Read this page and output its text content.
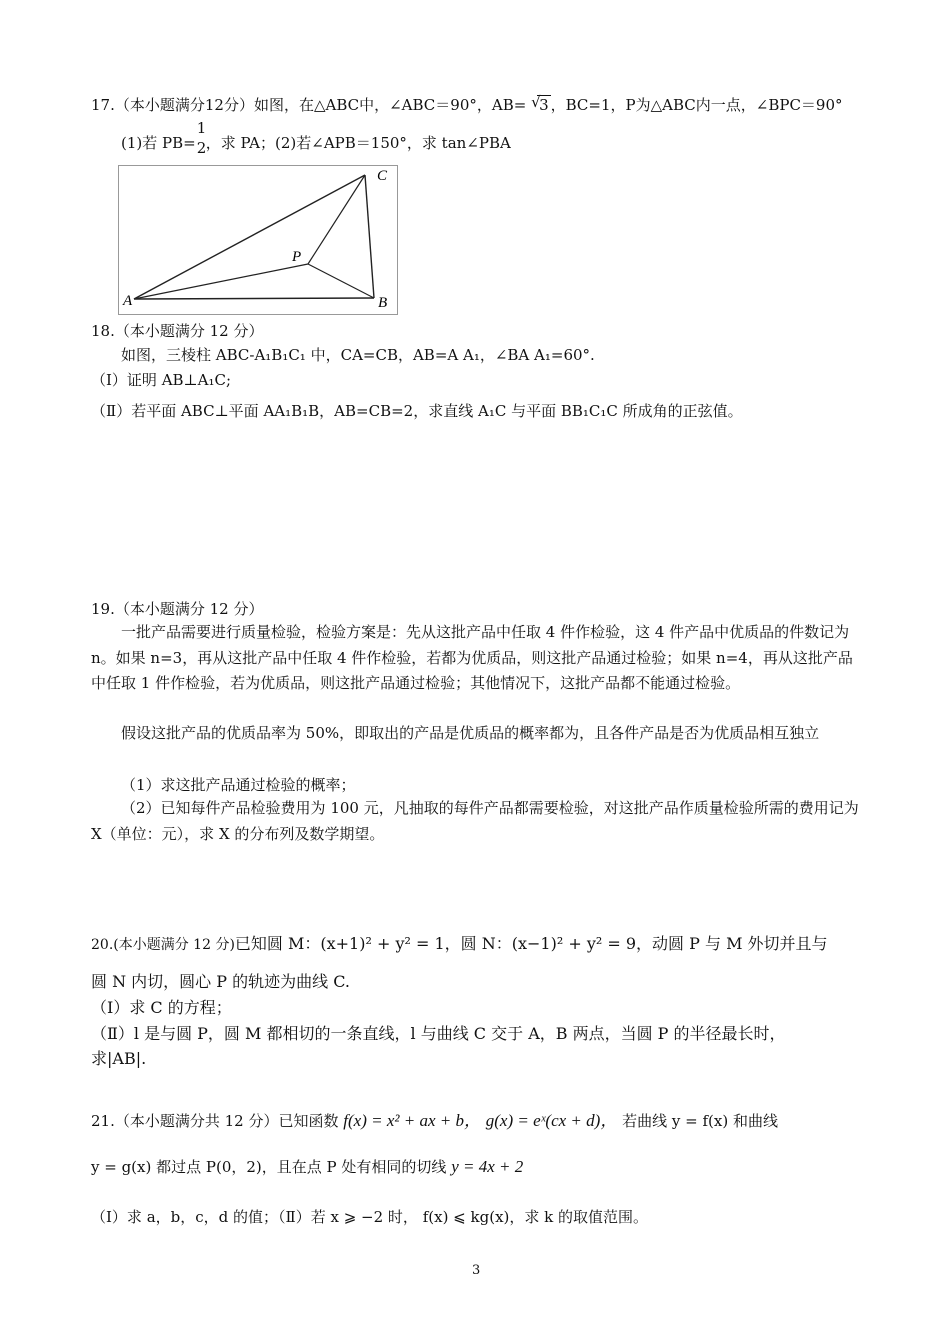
17.（本小题满分12分）如图，在△ABC中，∠ABC＝90°，AB= √
3 ，BC=1，P为△ABC内一点，∠BPC＝90°
(1)若 PB=
1
2 ，求 PA；(2)若∠APB＝150°，求 tan∠PBA
A	B
C
P
18.（本小题满分 12 分）
如图，三棱柱 ABC-A₁B₁C₁ 中，CA=CB，AB=A A₁，∠BA A₁=60°.
（Ⅰ）证明 AB⊥A₁C;
（Ⅱ）若平面 ABC⊥平面 AA₁B₁B，AB=CB=2，求直线 A₁C 与平面 BB₁C₁C 所成角的正弦值。
19.（本小题满分 12 分）
一批产品需要进行质量检验，检验方案是：先从这批产品中任取 4 件作检验，这 4 件产品中优质品的件数记为 n。如果 n=3，再从这批产品中任取 4 件作检验，若都为优质品，则这批产品通过检验；如果 n=4，再从这批产品中任取 1 件作检验，若为优质品，则这批产品通过检验；其他情况下，这批产品都不能通过检验。
假设这批产品的优质品率为 50%，即取出的产品是优质品的概率都为，且各件产品是否为优质品相互独立
（1）求这批产品通过检验的概率；
（2）已知每件产品检验费用为 100 元，凡抽取的每件产品都需要检验，对这批产品作质量检验所需的费用记为 X（单位：元），求 X 的分布列及数学期望。
20.(本小题满分 12 分)已知圆 M：(x+1)² + y² = 1，圆 N：(x−1)² + y² = 9，动圆 P 与 M 外切并且与
圆 N 内切，圆心 P 的轨迹为曲线 C.
（Ⅰ）求 C 的方程；
（Ⅱ）l 是与圆 P，圆 M 都相切的一条直线，l 与曲线 C 交于 A，B 两点，当圆 P 的半径最长时，
求|AB|.
21.（本小题满分共 12 分）已知函数 f(x) = x² + ax + b， g(x) = eˣ(cx + d)， 若曲线 y = f(x) 和曲线
y = g(x) 都过点 P(0，2)，且在点 P 处有相同的切线 y = 4x + 2
（Ⅰ）求 a，b，c，d 的值；（Ⅱ）若 x ⩾ −2 时， f(x) ⩽ kg(x)，求 k 的取值范围。
3
